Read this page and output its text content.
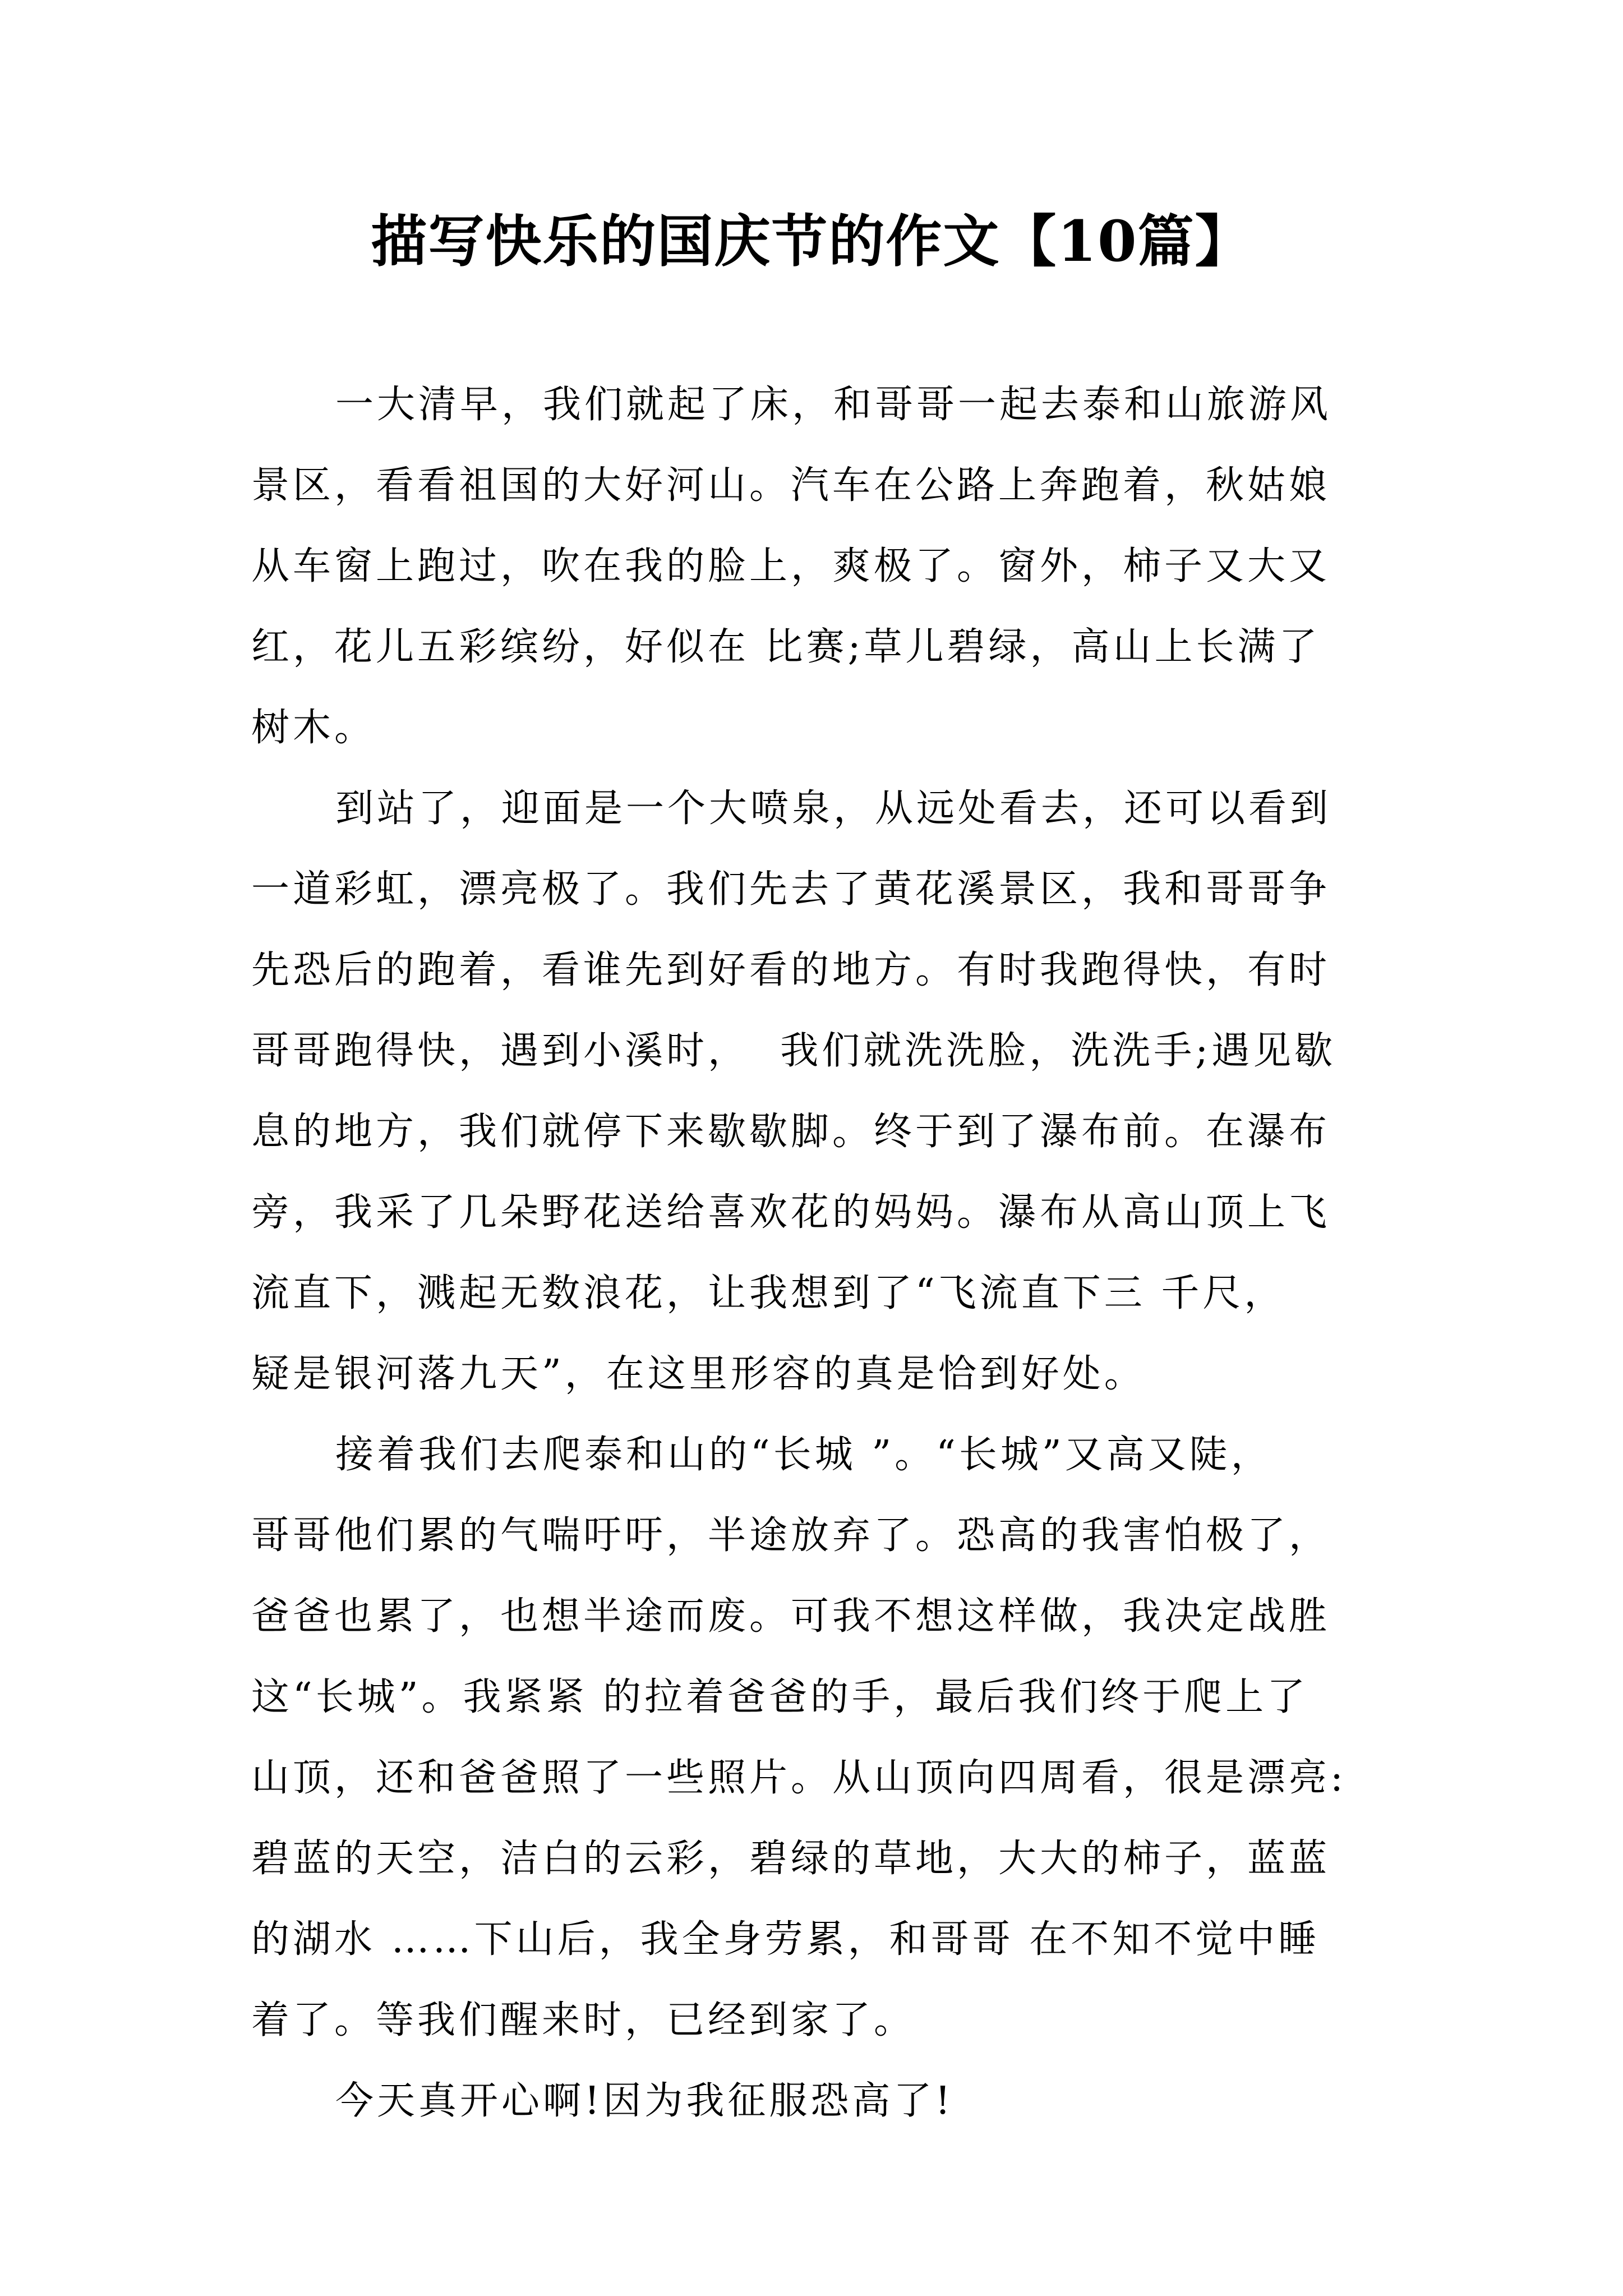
描写快乐的国庆节的作文【10篇】

一大清早，我们就起了床，和哥哥一起去泰和山旅游风
景区，看看祖国的大好河山。汽车在公路上奔跑着，秋姑娘
从车窗上跑过，吹在我的脸上，爽极了。窗外，柿子又大又
红，花儿五彩缤纷，好似在 比赛;草儿碧绿，高山上长满了
树木。

到站了，迎面是一个大喷泉，从远处看去，还可以看到
一道彩虹，漂亮极了。我们先去了黄花溪景区，我和哥哥争
先恐后的跑着，看谁先到好看的地方。有时我跑得快，有时
哥哥跑得快，遇到小溪时，  我们就洗洗脸，洗洗手;遇见歇
息的地方，我们就停下来歇歇脚。终于到了瀑布前。在瀑布
旁，我采了几朵野花送给喜欢花的妈妈。瀑布从高山顶上飞
流直下，溅起无数浪花，让我想到了“飞流直下三 千尺，
疑是银河落九天”，在这里形容的真是恰到好处。

接着我们去爬泰和山的“长城 ”。“长城”又高又陡，
哥哥他们累的气喘吁吁，半途放弃了。恐高的我害怕极了，
爸爸也累了，也想半途而废。可我不想这样做，我决定战胜
这“长城”。我紧紧 的拉着爸爸的手，最后我们终于爬上了
山顶，还和爸爸照了一些照片。从山顶向四周看，很是漂亮:
碧蓝的天空，洁白的云彩，碧绿的草地，大大的柿子，蓝蓝
的湖水 ……下山后，我全身劳累，和哥哥 在不知不觉中睡
着了。等我们醒来时，已经到家了。

今天真开心啊!因为我征服恐高了!
